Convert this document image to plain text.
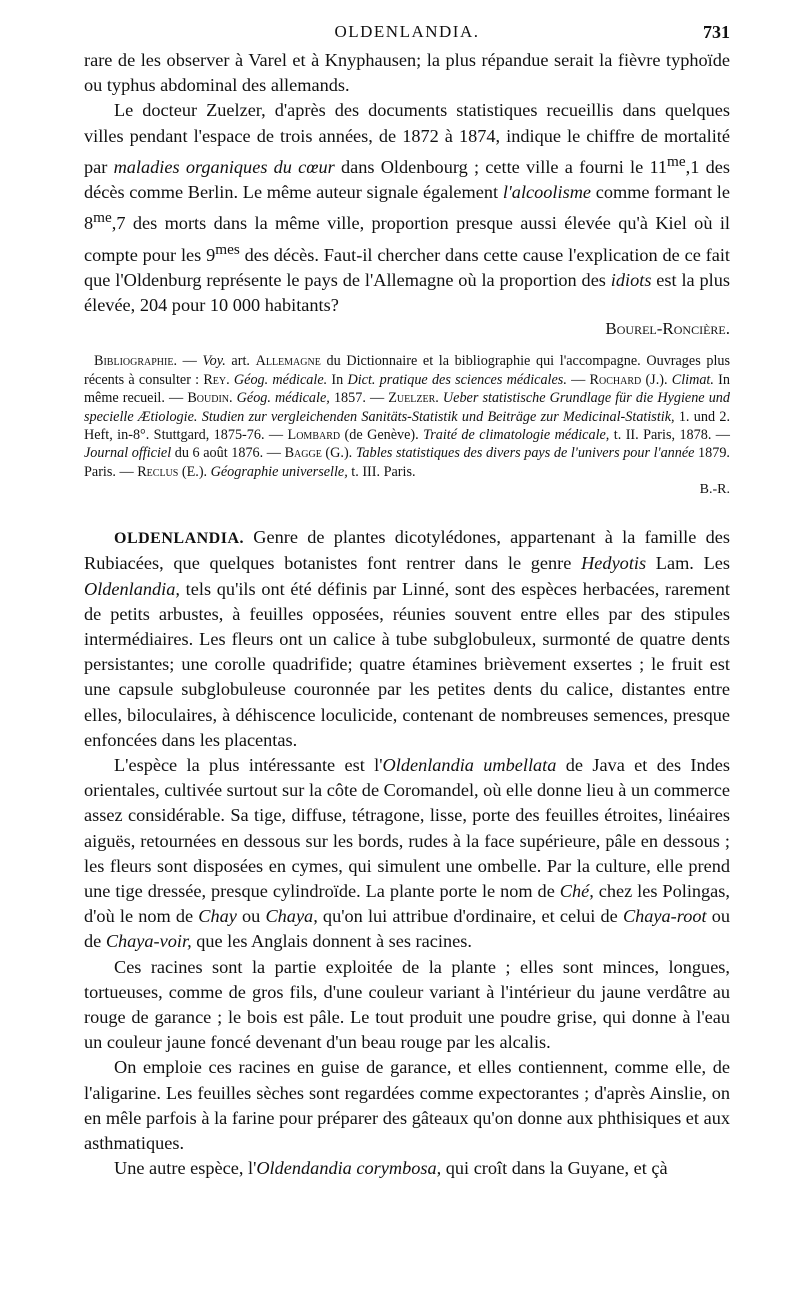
OLDENLANDIA.	731

rare de les observer à Varel et à Knyphausen; la plus répandue serait la fièvre typhoïde ou typhus abdominal des allemands.

Le docteur Zuelzer, d'après des documents statistiques recueillis dans quelques villes pendant l'espace de trois années, de 1872 à 1874, indique le chiffre de mortalité par maladies organiques du cœur dans Oldenbourg ; cette ville a fourni le $11^{me},1$ des décès comme Berlin. Le même auteur signale également l'alcoolisme comme formant le $8^{me},7$ des morts dans la même ville, proportion presque aussi élevée qu'à Kiel où il compte pour les $9^{mes}$ des décès. Faut-il chercher dans cette cause l'explication de ce fait que l'Oldenburg représente le pays de l'Allemagne où la proportion des idiots est la plus élevée, 204 pour 10 000 habitants?

Bourel-Roncière.

Bibliographie. — Voy. art. Allemagne du Dictionnaire et la bibliographie qui l'accompagne. Ouvrages plus récents à consulter : Rey. Géog. médicale. In Dict. pratique des sciences médicales. — Rochard (J.). Climat. In même recueil. — Boudin. Géog. médicale, 1857. — Zuelzer. Ueber statistische Grundlage für die Hygiene und specielle Ætiologie. Studien zur vergleichenden Sanitäts-Statistik und Beiträge zur Medicinal-Statistik, 1. und 2. Heft, in-8°. Stuttgard, 1875-76. — Lombard (de Genève). Traité de climatologie médicale, t. II. Paris, 1878. — Journal officiel du 6 août 1876. — Bagge (G.). Tables statistiques des divers pays de l'univers pour l'année 1879. Paris. — Reclus (E.). Géographie universelle, t. III. Paris.

B.-R.

OLDENLANDIA. Genre de plantes dicotylédones, appartenant à la famille des Rubiacées, que quelques botanistes font rentrer dans le genre Hedyotis Lam. Les Oldenlandia, tels qu'ils ont été définis par Linné, sont des espèces herbacées, rarement de petits arbustes, à feuilles opposées, réunies souvent entre elles par des stipules intermédiaires. Les fleurs ont un calice à tube subglobuleux, surmonté de quatre dents persistantes; une corolle quadrifide; quatre étamines brièvement exsertes ; le fruit est une capsule subglobuleuse couronnée par les petites dents du calice, distantes entre elles, biloculaires, à déhiscence loculicide, contenant de nombreuses semences, presque enfoncées dans les placentas.

L'espèce la plus intéressante est l'Oldenlandia umbellata de Java et des Indes orientales, cultivée surtout sur la côte de Coromandel, où elle donne lieu à un commerce assez considérable. Sa tige, diffuse, tétragone, lisse, porte des feuilles étroites, linéaires aiguës, retournées en dessous sur les bords, rudes à la face supérieure, pâle en dessous ; les fleurs sont disposées en cymes, qui simulent une ombelle. Par la culture, elle prend une tige dressée, presque cylindroïde. La plante porte le nom de Ché, chez les Polingas, d'où le nom de Chay ou Chaya, qu'on lui attribue d'ordinaire, et celui de Chaya-root ou de Chaya-voir, que les Anglais donnent à ses racines.

Ces racines sont la partie exploitée de la plante ; elles sont minces, longues, tortueuses, comme de gros fils, d'une couleur variant à l'intérieur du jaune verdâtre au rouge de garance ; le bois est pâle. Le tout produit une poudre grise, qui donne à l'eau un couleur jaune foncé devenant d'un beau rouge par les alcalis.

On emploie ces racines en guise de garance, et elles contiennent, comme elle, de l'aligarine. Les feuilles sèches sont regardées comme expectorantes ; d'après Ainslie, on en mêle parfois à la farine pour préparer des gâteaux qu'on donne aux phthisiques et aux asthmatiques.

Une autre espèce, l'Oldendandia corymbosa, qui croît dans la Guyane, et çà
